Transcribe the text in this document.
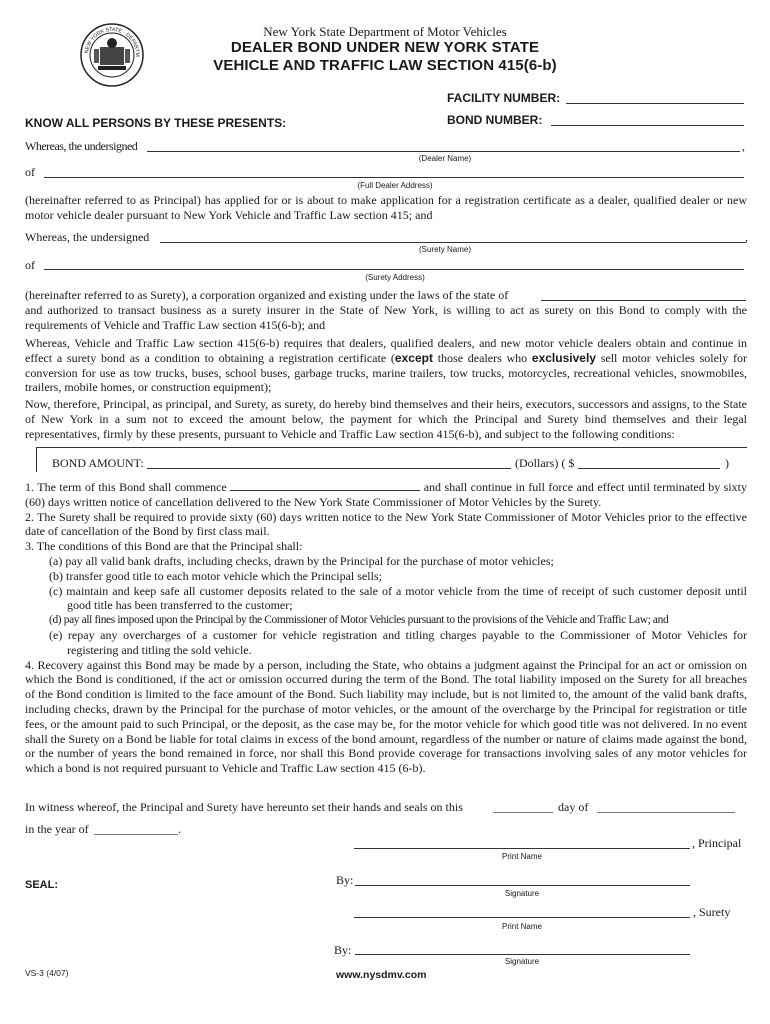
NEW YORK STATE · DEPARTM
New York State Department of Motor Vehicles
DEALER BOND UNDER NEW YORK STATE
VEHICLE AND TRAFFIC LAW SECTION 415(6-b)
FACILITY NUMBER:
BOND NUMBER:
KNOW ALL PERSONS BY THESE PRESENTS:
Whereas, the undersigned	,
(Dealer Name)
of
(Full Dealer Address)
(hereinafter referred to as Principal) has applied for or is about to make application for a registration certificate as a dealer, qualified dealer or new motor vehicle dealer pursuant to New York Vehicle and Traffic Law section 415; and
Whereas, the undersigned	,
(Surety Name)
of
(Surety Address)
(hereinafter referred to as Surety), a corporation organized and existing under the laws of the state of
and authorized to transact business as a surety insurer in the State of New York, is willing to act as surety on this Bond to comply with the requirements of Vehicle and Traffic Law section 415(6-b); and
Whereas, Vehicle and Traffic Law section 415(6-b) requires that dealers, qualified dealers, and new motor vehicle dealers obtain and continue in effect a surety bond as a condition to obtaining a registration certificate (except those dealers who exclusively sell motor vehicles solely for conversion for use as tow trucks, buses, school buses, garbage trucks, marine trailers, tow trucks, motorcycles, recreational vehicles, snowmobiles, trailers, mobile homes, or construction equipment);
Now, therefore, Principal, as principal, and Surety, as surety, do hereby bind themselves and their heirs, executors, successors and assigns, to the State of New York in a sum not to exceed the amount below, the payment for which the Principal and Surety bind themselves and their legal representatives, firmly by these presents, pursuant to Vehicle and Traffic Law section 415(6-b), and subject to the following conditions:
BOND AMOUNT:	(Dollars) ( $	)

1. The term of this Bond shall commence	and shall continue in full force and effect until terminated by sixty (60) days written notice of cancellation delivered to the New York State Commissioner of Motor Vehicles by the Surety.

2. The Surety shall be required to provide sixty (60) days written notice to the New York State Commissioner of Motor Vehicles prior to the effective date of cancellation of the Bond by first class mail.

3. The conditions of this Bond are that the Principal shall:

(a) pay all valid bank drafts, including checks, drawn by the Principal for the purchase of motor vehicles;

(b) transfer good title to each motor vehicle which the Principal sells;

(c) maintain and keep safe all customer deposits related to the sale of a motor vehicle from the time of receipt of such customer deposit until good title has been transferred to the customer;

(d) pay all fines imposed upon the Principal by the Commissioner of Motor Vehicles pursuant to the provisions of the Vehicle and Traffic Law; and

(e) repay any overcharges of a customer for vehicle registration and titling charges payable to the Commissioner of Motor Vehicles for registering and titling the sold vehicle.

4. Recovery against this Bond may be made by a person, including the State, who obtains a judgment against the Principal for an act or omission on which the Bond is conditioned, if the act or omission occurred during the term of the Bond. The total liability imposed on the Surety for all breaches of the Bond condition is limited to the face amount of the Bond. Such liability may include, but is not limited to, the amount of the valid bank drafts, including checks, drawn by the Principal for the purchase of motor vehicles, or the amount of the overcharge by the Principal for registration or title fees, or the amount paid to such Principal, or the deposit, as the case may be, for the motor vehicle for which good title was not delivered. In no event shall the Surety on a Bond be liable for total claims in excess of the bond amount, regardless of the number or nature of claims made against the bond, or the number of years the bond remained in force, nor shall this Bond provide coverage for transactions involving sales of any motor vehicles for which a bond is not required pursuant to Vehicle and Traffic Law section 415 (6-b).

In witness whereof, the Principal and Surety have hereunto set their hands and seals on this	__________ day of _______________________
in the year of ______________.
, Principal
Print Name
By:
Signature
SEAL:
, Surety
Print Name
By:
Signature
VS-3 (4/07)	www.nysdmv.com
